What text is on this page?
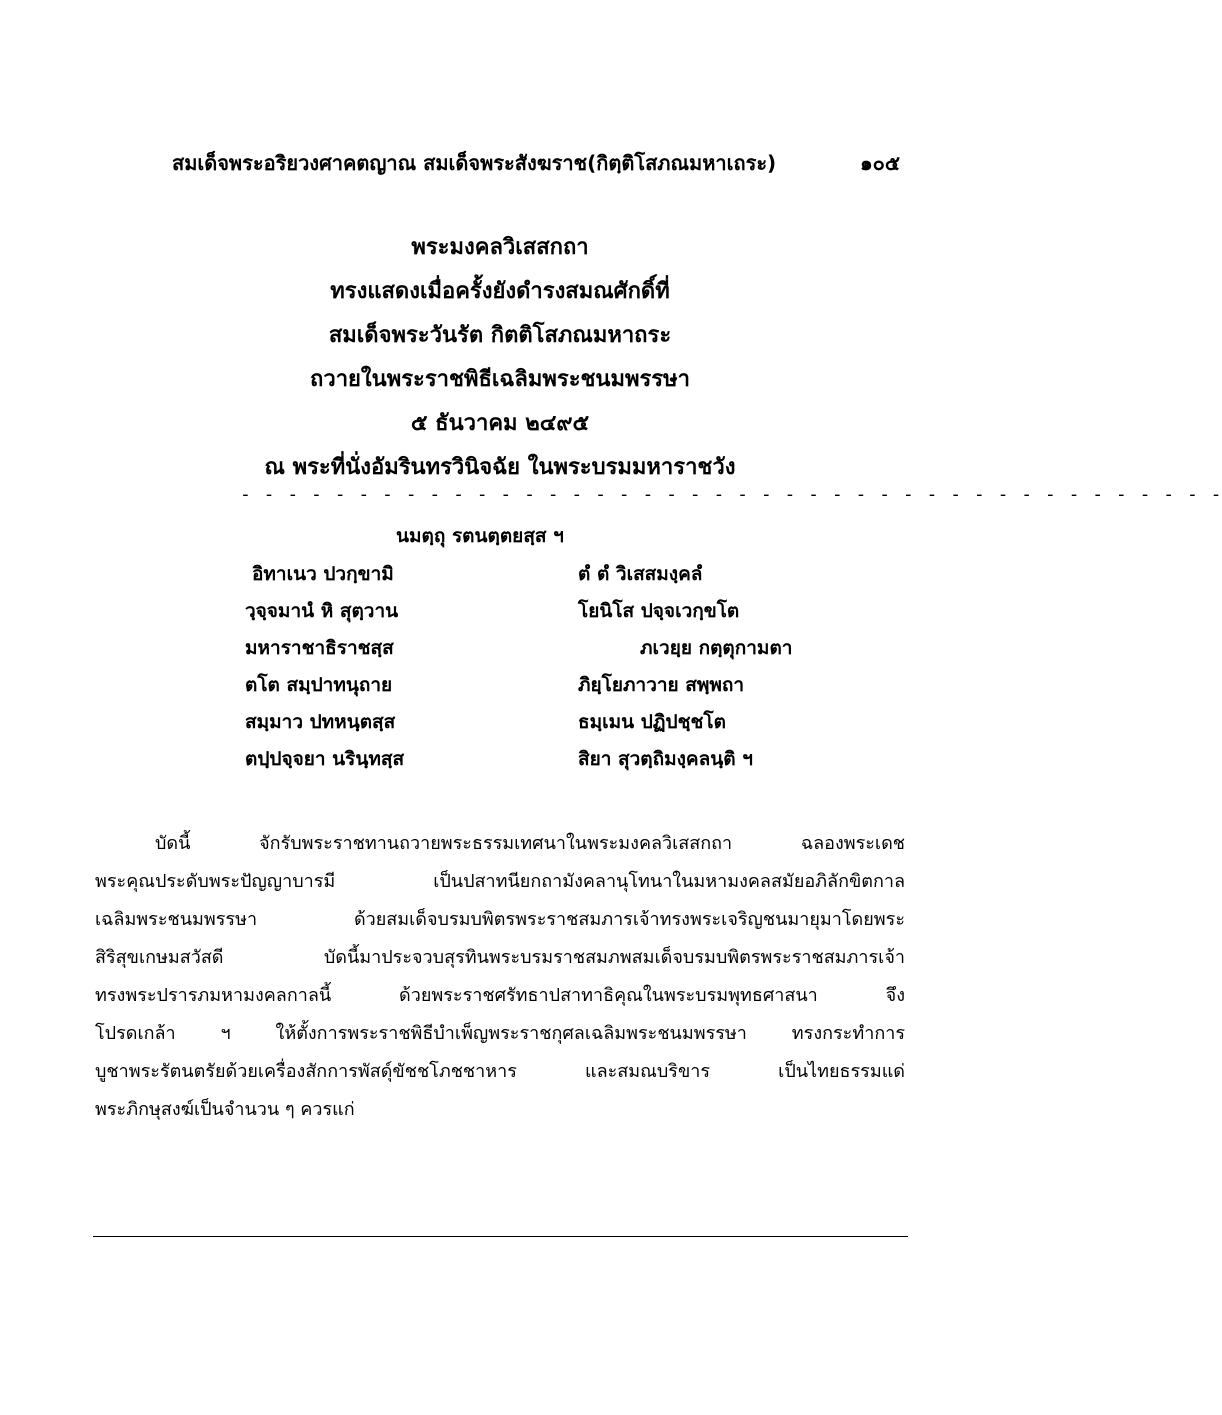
สมเด็จพระอริยวงศาคตญาณ สมเด็จพระสังฆราช(กิตฺติโสภณมหาเถระ)	๑๐๕
พระมงคลวิเสสกถา
ทรงแสดงเมื่อครั้งยังดำรงสมณศักดิ์ที่
สมเด็จพระวันรัต กิตติโสภณมหาถระ
ถวายในพระราชพิธีเฉลิมพระชนมพรรษา
๕ ธันวาคม ๒๔๙๕
ณ พระที่นั่งอัมรินทรวินิจฉัย ในพระบรมมหาราชวัง
- - - - - - - - - - - - - - - - - - - - - - - - - - - - - - - - - - - - - - - - - -
นมตฺถุ รตนตฺตยสฺส ฯ
อิทาเนว ปวกฺขามิ	ตํ ตํ วิเสสมงฺคลํ
วฺจฺจมานํ หิ สุตฺวาน	โยนิโส ปจฺจเวกฺขโต
มหาราชาธิราชสฺส	ภเวยฺย กตฺตุกามตา
ตโต สมฺปาทนุถาย	ภิยฺโยภาวาย สพฺพถา
สมฺมาว ปทหนฺตสฺส	ธมฺเมน ปฏิปชฺชโต
ตปฺปจฺจยา นรินฺทสฺส	สิยา สุวตฺถิมงฺคลนฺติ ฯ
บัดนี้ จักรับพระราชทานถวายพระธรรมเทศนาในพระมงคลวิเสสกถา ฉลองพระเดช
พระคุณประดับพระปัญญาบารมี เป็นปสาทนียกถามังคลานุโทนาในมหามงคลสมัยอภิลักขิตกาล
เฉลิมพระชนมพรรษา ด้วยสมเด็จบรมบพิตรพระราชสมภารเจ้าทรงพระเจริญชนมายุมาโดยพระ
สิริสุขเกษมสวัสดี บัดนี้มาประจวบสุรทินพระบรมราชสมภพสมเด็จบรมบพิตรพระราชสมภารเจ้า
ทรงพระปรารภมหามงคลกาลนี้ ด้วยพระราชศรัทธาปสาทาธิคุณในพระบรมพุทธศาสนา จึง
โปรดเกล้า ฯ ให้ตั้งการพระราชพิธีบำเพ็ญพระราชกุศลเฉลิมพระชนมพรรษา ทรงกระทำการ
บูชาพระรัตนตรัยด้วยเครื่องสักการพัสดุ์ขัชชโภชชาหาร และสมณบริขาร เป็นไทยธรรมแด่
พระภิกษุสงฆ์เป็นจำนวน ๆ ควรแก่
